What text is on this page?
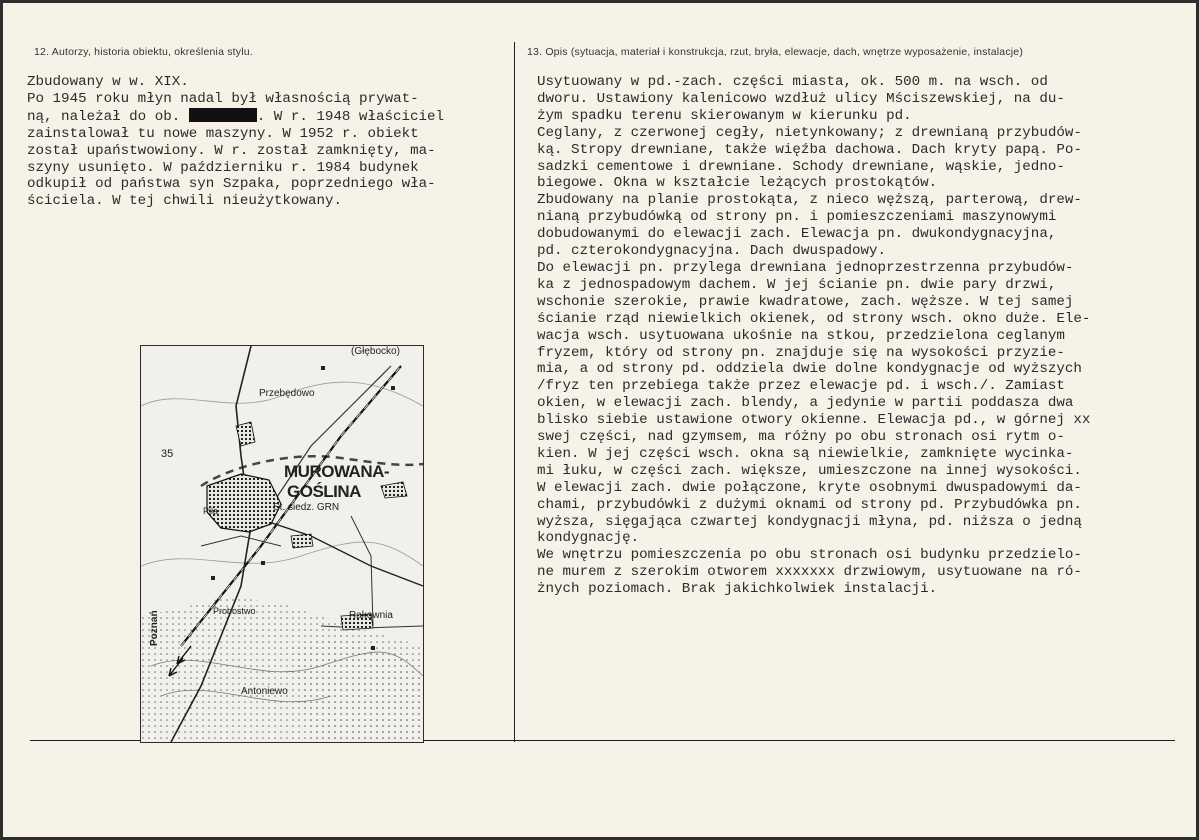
12. Autorzy, historia obiektu, określenia stylu.	13. Opis (sytuacja, materiał i konstrukcja, rzut, bryła, elewacje, dach, wnętrze wyposażenie, instalacje)
Zbudowany w w. XIX.
Po 1945 roku młyn nadal był własnością prywat-
ną, należał do ob.	. W r. 1948 właściciel
zainstalował tu nowe maszyny. W 1952 r. obiekt
został upaństwowiony. W r. został zamknięty, ma-
szyny usunięto. W październiku r. 1984 budynek
odkupił od państwa syn Szpaka, poprzedniego wła-
ściciela. W tej chwili nieużytkowany.
Usytuowany w pd.-zach. części miasta, ok. 500 m. na wsch. od
dworu. Ustawiony kalenicowo wzdłuż ulicy Mściszewskiej, na du-
żym spadku terenu skierowanym w kierunku pd.
Ceglany, z czerwonej cegły, nietynkowany; z drewnianą przybudów-
ką. Stropy drewniane, także więźba dachowa. Dach kryty papą. Po-
sadzki cementowe i drewniane. Schody drewniane, wąskie, jedno-
biegowe. Okna w kształcie leżących prostokątów.
Zbudowany na planie prostokąta, z nieco węższą, parterową, drew-
nianą przybudówką od strony pn. i pomieszczeniami maszynowymi
dobudowanymi do elewacji zach. Elewacja pn. dwukondygnacyjna,
pd. czterokondygnacyjna. Dach dwuspadowy.
Do elewacji pn. przylega drewniana jednoprzestrzenna przybudów-
ka z jednospadowym dachem. W jej ścianie pn. dwie pary drzwi,
wschonie szerokie, prawie kwadratowe, zach. węższe. W tej samej
ścianie rząd niewielkich okienek, od strony wsch. okno duże. Ele-
wacja wsch. usytuowana ukośnie na stkou, przedzielona ceglanym
fryzem, który od strony pn. znajduje się na wysokości przyzie-
mia, a od strony pd. oddziela dwie dolne kondygnacje od wyższych
/fryz ten przebiega także przez elewacje pd. i wsch./. Zamiast
okien, w elewacji zach. blendy, a jedynie w partii poddasza dwa
blisko siebie ustawione otwory okienne. Elewacja pd., w górnej xx
swej części, nad gzymsem, ma różny po obu stronach osi rytm o-
kien. W jej części wsch. okna są niewielkie, zamknięte wycinka-
mi łuku, w części zach. większe, umieszczone na innej wysokości.
W elewacji zach. dwie połączone, kryte osobnymi dwuspadowymi da-
chami, przybudówki z dużymi oknami od strony pd. Przybudówka pn.
wyższa, sięgająca czwartej kondygnacji młyna, pd. niższa o jedną
kondygnację.
We wnętrzu pomieszczenia po obu stronach osi budynku przedzielo-
ne murem z szerokim otworem xxxxxxx drzwiowym, usytuowane na ró-
żnych poziomach. Brak jakichkolwiek instalacji.
(Głębocko)
Przebędowo
35
MUROWANA-
GOŚLINA
St. siedz. GRN
Piła
Rakownia
Probostwo
Poznań
Antoniewo
